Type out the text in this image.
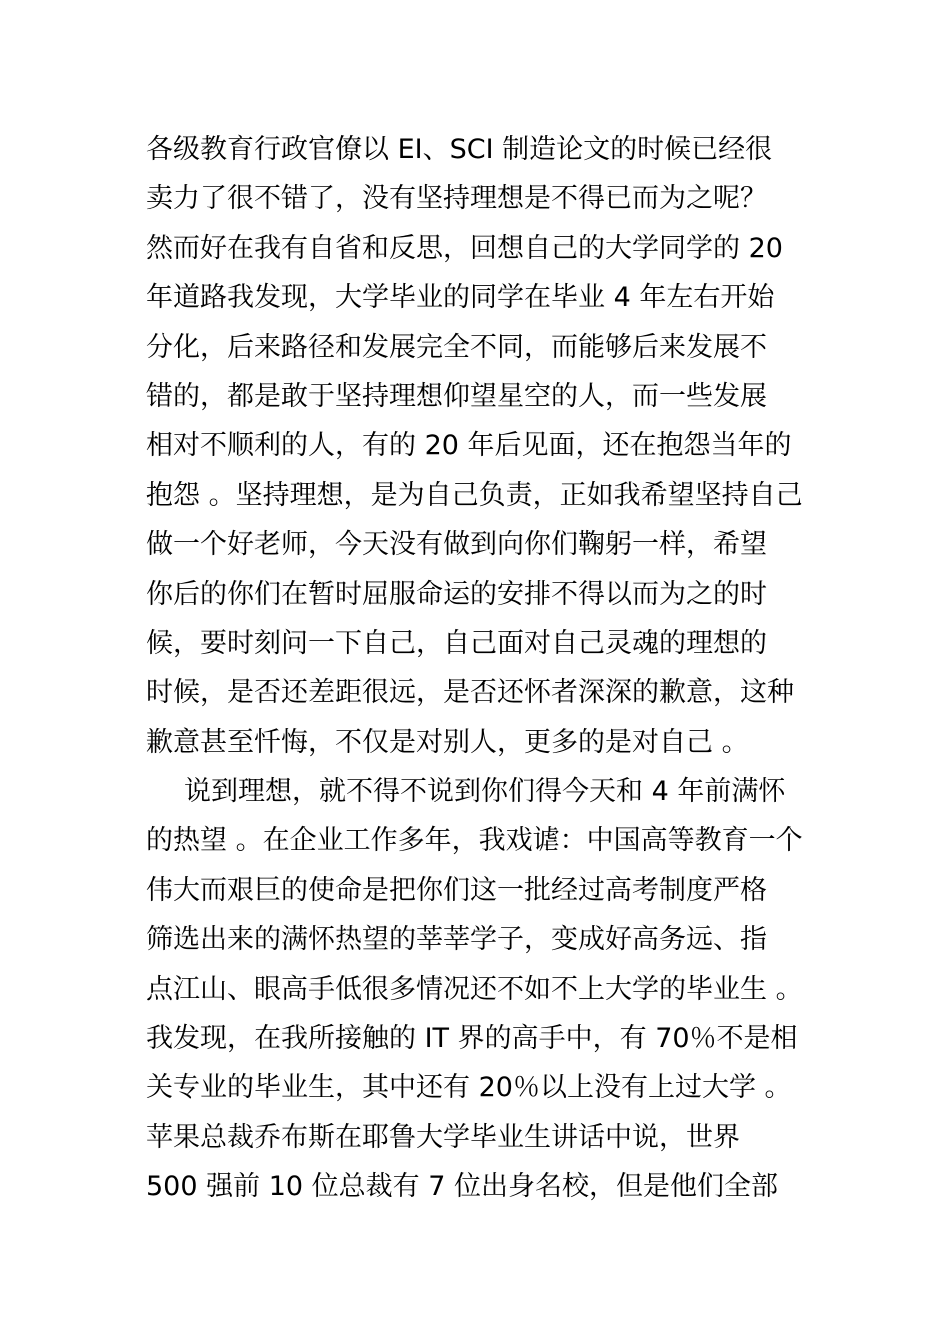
各级教育行政官僚以 EI、SCI 制造论文的时候已经很
卖力了很不错了，没有坚持理想是不得已而为之呢？
然而好在我有自省和反思，回想自己的大学同学的 20
年道路我发现，大学毕业的同学在毕业 4 年左右开始
分化，后来路径和发展完全不同，而能够后来发展不
错的，都是敢于坚持理想仰望星空的人，而一些发展
相对不顺利的人，有的 20 年后见面，还在抱怨当年的
抱怨 。坚持理想，是为自己负责，正如我希望坚持自己
做一个好老师，今天没有做到向你们鞠躬一样，希望
你后的你们在暂时屈服命运的安排不得以而为之的时
候，要时刻问一下自己，自己面对自己灵魂的理想的
时候，是否还差距很远，是否还怀者深深的歉意，这种
歉意甚至忏悔，不仅是对别人，更多的是对自己 。
说到理想，就不得不说到你们得今天和 4 年前满怀
的热望 。在企业工作多年，我戏谑：中国高等教育一个
伟大而艰巨的使命是把你们这一批经过高考制度严格
筛选出来的满怀热望的莘莘学子，变成好高务远、指
点江山、眼高手低很多情况还不如不上大学的毕业生 。
我发现，在我所接触的 IT 界的高手中，有 70％不是相
关专业的毕业生，其中还有 20％以上没有上过大学 。
苹果总裁乔布斯在耶鲁大学毕业生讲话中说，世界
500 强前 10 位总裁有 7 位出身名校，但是他们全部
